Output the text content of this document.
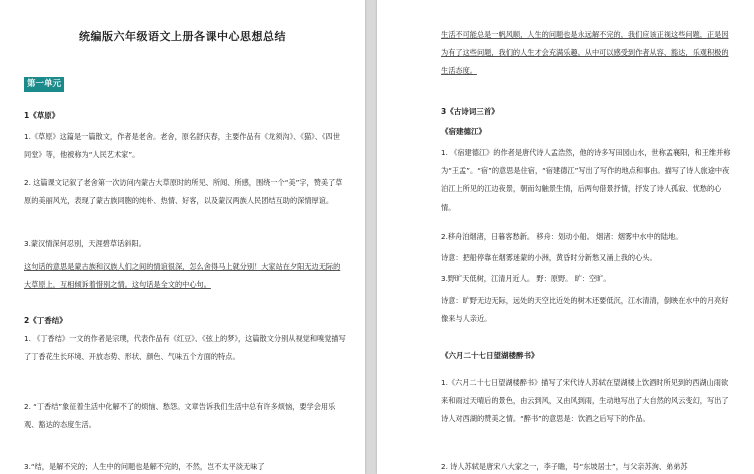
统编版六年级语文上册各课中心思想总结
第一单元
1《草原》
1.《草原》这篇是一篇散文，作者是老舍。老舍，原名舒庆春，主要作品有《龙须沟》、《猫》、《四世同堂》等，他被称为“人民艺术家”。
2. 这篇课文记叙了老舍第一次访问内蒙古大草原时的所见、所闻、所感，围绕一个“美”字，赞美了草原的美丽风光，表现了蒙古族同胞的纯朴、热情、好客，以及蒙汉两族人民团结互助的深情厚谊。
3.蒙汉情深何忍别，天涯碧草话斜阳。
这句话的意思是蒙古族和汉族人们之间的情谊很深，怎么舍得马上就分别！大家站在夕阳无边无际的大草原上，互相倾诉着惜别之情。这句话是全文的中心句。
2《丁香结》
1. 《丁香结》一文的作者是宗璞，代表作品有《红豆》、《弦上的梦》，这篇散文分别从视觉和嗅觉描写了丁香花生长环境、开放态势、形状、颜色、气味五个方面的特点。
2. “丁香结”象征着生活中化解不了的烦恼、愁怨。文章告诉我们生活中总有许多烦恼，要学会用乐观、豁达的态度生活。
3.“结，是解不完的；人生中的问题也是解不完的，不然，岂不太平淡无味了
生活不可能总是一帆风顺，人生的问题也是永远解不完的，我们应该正视这些问题，正是因为有了这些问题，我们的人生才会充满乐趣。从中可以感受到作者从容、豁达，乐观积极的生活态度。
3《古诗词三首》
《宿建德江》
1. 《宿建德江》的作者是唐代诗人孟浩然，他的诗多写田园山水，世称孟襄阳，和王维并称为“王孟”。“宿”的意思是住宿，“宿建德江”写出了写作的地点和事由。描写了诗人旅途中夜泊江上所见的江边夜景，朝而勾触景生情，后两句借景抒情，抒发了诗人孤寂、忧愁的心情。
2.移舟泊烟渚，日暮客愁新。 移舟：划动小船。 烟渚：烟雾中水中的陆地。
诗意：把船停靠在烟雾迷蒙的小洲，黄昏时分新愁又涌上我的心头。
3.野旷天低树，江清月近人。 野：原野。 旷：空旷。
诗意：旷野无边无际，远处的天空比近处的树木还要低沉，江水清清，倒映在水中的月亮好像来与人亲近。
《六月二十七日望湖楼醉书》
1.《六月二十七日望湖楼醉书》描写了宋代诗人苏轼在望湖楼上饮酒时所见到的西湖山雨欲来和雨过天晴后的景色，由云到风，又由风到雨，生动地写出了大自然的风云变幻，写出了诗人对西湖的赞美之情。“醉书”的意思是：饮酒之后写下的作品。
2. 诗人苏轼是唐宋八大家之一，李子瞻，号“东坡居士”，与父亲苏洵、弟弟苏
